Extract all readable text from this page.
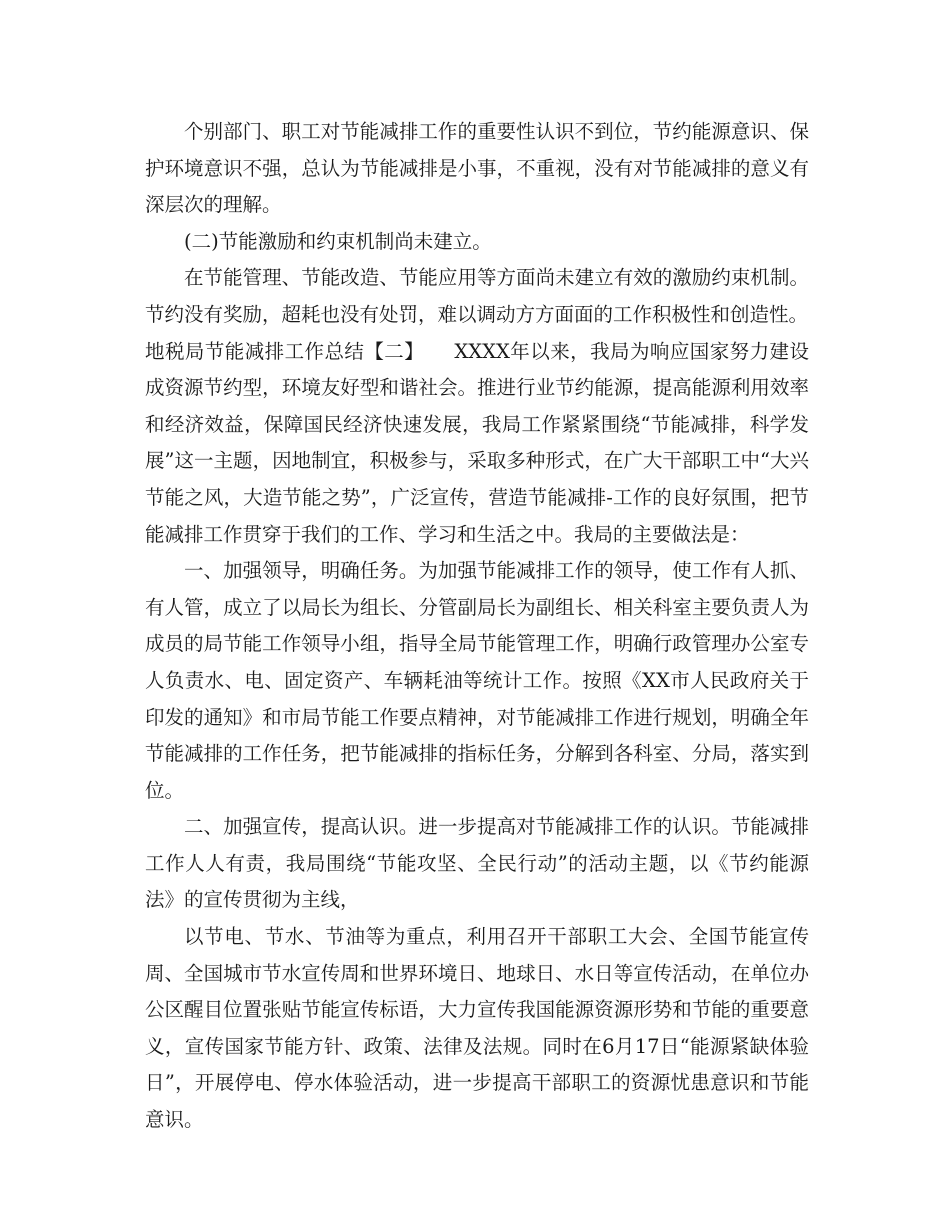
个别部门、职工对节能减排工作的重要性认识不到位，节约能源意识、保护环境意识不强，总认为节能减排是小事，不重视，没有对节能减排的意义有深层次的理解。

(二)节能激励和约束机制尚未建立。

在节能管理、节能改造、节能应用等方面尚未建立有效的激励约束机制。节约没有奖励，超耗也没有处罚，难以调动方方面面的工作积极性和创造性。

地税局节能减排工作总结【二】　　XXXX年以来，我局为响应国家努力建设成资源节约型，环境友好型和谐社会。推进行业节约能源，提高能源利用效率和经济效益，保障国民经济快速发展，我局工作紧紧围绕“节能减排，科学发展”这一主题，因地制宜，积极参与，采取多种形式，在广大干部职工中“大兴节能之风，大造节能之势”，广泛宣传，营造节能减排-工作的良好氛围，把节能减排工作贯穿于我们的工作、学习和生活之中。我局的主要做法是：

一、加强领导，明确任务。为加强节能减排工作的领导，使工作有人抓、有人管，成立了以局长为组长、分管副局长为副组长、相关科室主要负责人为成员的局节能工作领导小组，指导全局节能管理工作，明确行政管理办公室专人负责水、电、固定资产、车辆耗油等统计工作。按照《XX市人民政府关于印发的通知》和市局节能工作要点精神，对节能减排工作进行规划，明确全年节能减排的工作任务，把节能减排的指标任务，分解到各科室、分局，落实到位。

二、加强宣传，提高认识。进一步提高对节能减排工作的认识。节能减排工作人人有责，我局围绕“节能攻坚、全民行动”的活动主题，以《节约能源法》的宣传贯彻为主线，

以节电、节水、节油等为重点，利用召开干部职工大会、全国节能宣传周、全国城市节水宣传周和世界环境日、地球日、水日等宣传活动，在单位办公区醒目位置张贴节能宣传标语，大力宣传我国能源资源形势和节能的重要意义，宣传国家节能方针、政策、法律及法规。同时在6月17日“能源紧缺体验日”，开展停电、停水体验活动，进一步提高干部职工的资源忧患意识和节能意识。
